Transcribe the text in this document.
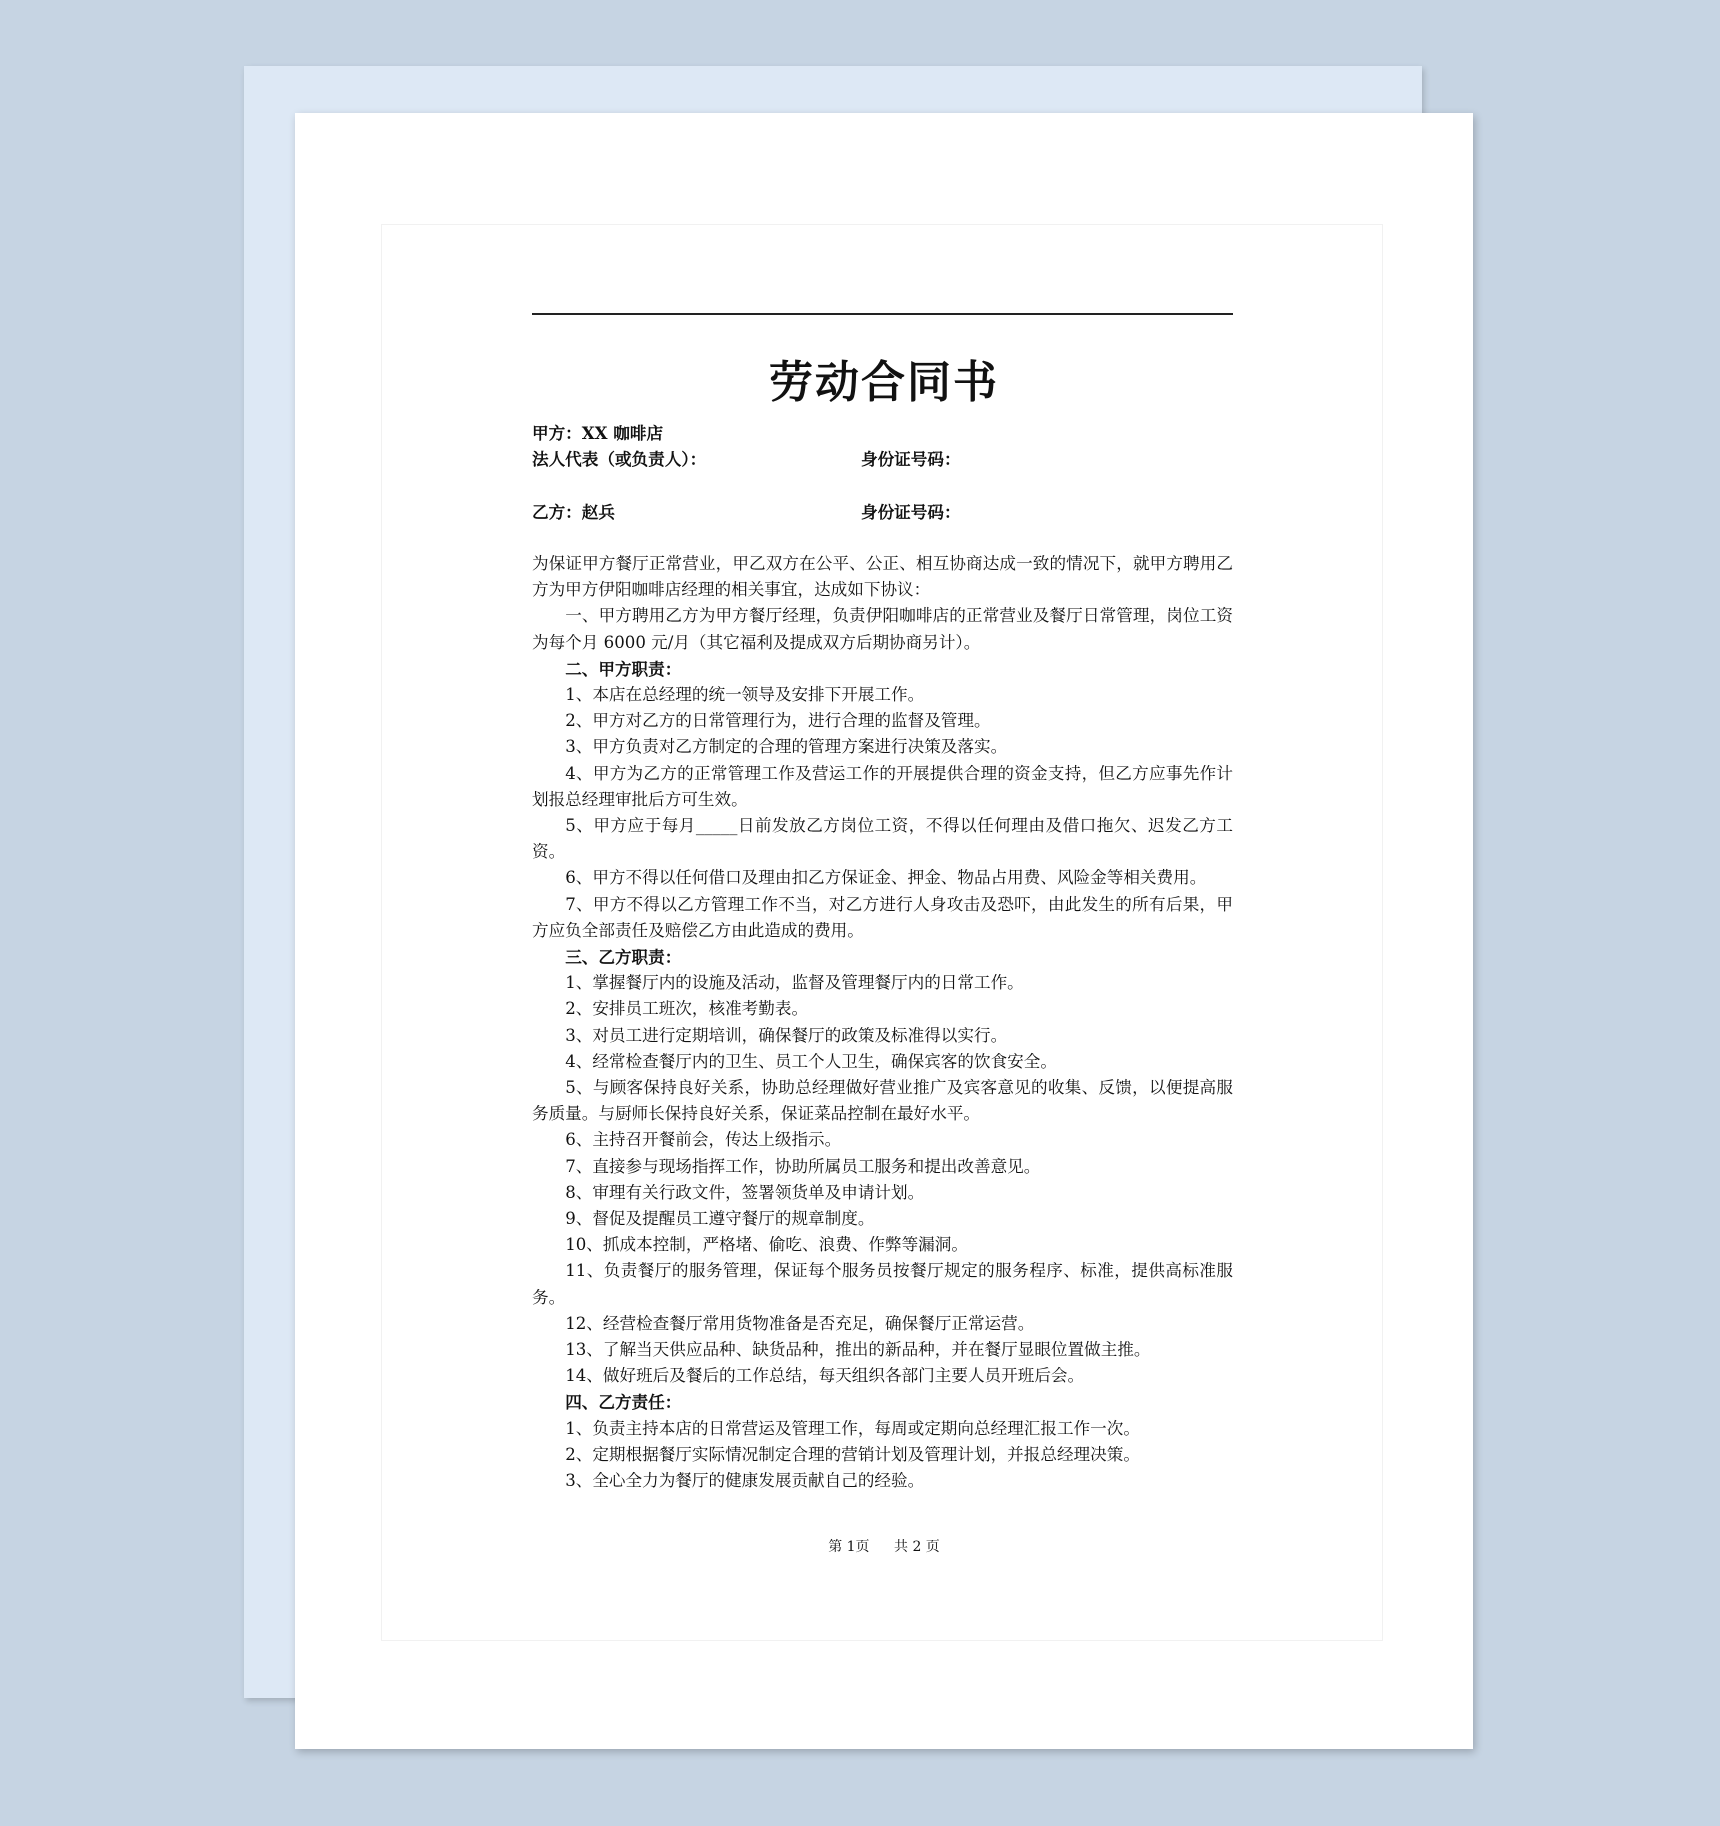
劳动合同书
甲方：XX 咖啡店
法人代表（或负责人）：	身份证号码：
乙方：赵兵	身份证号码：

为保证甲方餐厅正常营业，甲乙双方在公平、公正、相互协商达成一致的情况下，就甲方聘用乙方为甲方伊阳咖啡店经理的相关事宜，达成如下协议：

一、甲方聘用乙方为甲方餐厅经理，负责伊阳咖啡店的正常营业及餐厅日常管理，岗位工资为每个月 6000 元/月（其它福利及提成双方后期协商另计）。

二、甲方职责：

1、本店在总经理的统一领导及安排下开展工作。

2、甲方对乙方的日常管理行为，进行合理的监督及管理。

3、甲方负责对乙方制定的合理的管理方案进行决策及落实。

4、甲方为乙方的正常管理工作及营运工作的开展提供合理的资金支持，但乙方应事先作计划报总经理审批后方可生效。

5、甲方应于每月_____日前发放乙方岗位工资，不得以任何理由及借口拖欠、迟发乙方工资。

6、甲方不得以任何借口及理由扣乙方保证金、押金、物品占用费、风险金等相关费用。

7、甲方不得以乙方管理工作不当，对乙方进行人身攻击及恐吓，由此发生的所有后果，甲方应负全部责任及赔偿乙方由此造成的费用。

三、乙方职责：

1、掌握餐厅内的设施及活动，监督及管理餐厅内的日常工作。

2、安排员工班次，核准考勤表。

3、对员工进行定期培训，确保餐厅的政策及标准得以实行。

4、经常检查餐厅内的卫生、员工个人卫生，确保宾客的饮食安全。

5、与顾客保持良好关系，协助总经理做好营业推广及宾客意见的收集、反馈，以便提高服务质量。与厨师长保持良好关系，保证菜品控制在最好水平。

6、主持召开餐前会，传达上级指示。

7、直接参与现场指挥工作，协助所属员工服务和提出改善意见。

8、审理有关行政文件，签署领货单及申请计划。

9、督促及提醒员工遵守餐厅的规章制度。

10、抓成本控制，严格堵、偷吃、浪费、作弊等漏洞。

11、负责餐厅的服务管理，保证每个服务员按餐厅规定的服务程序、标准，提供高标准服务。

12、经营检查餐厅常用货物准备是否充足，确保餐厅正常运营。

13、了解当天供应品种、缺货品种，推出的新品种，并在餐厅显眼位置做主推。

14、做好班后及餐后的工作总结，每天组织各部门主要人员开班后会。

四、乙方责任：

1、负责主持本店的日常营运及管理工作，每周或定期向总经理汇报工作一次。

2、定期根据餐厅实际情况制定合理的营销计划及管理计划，并报总经理决策。

3、全心全力为餐厅的健康发展贡献自己的经验。

第 1页 共 2 页
